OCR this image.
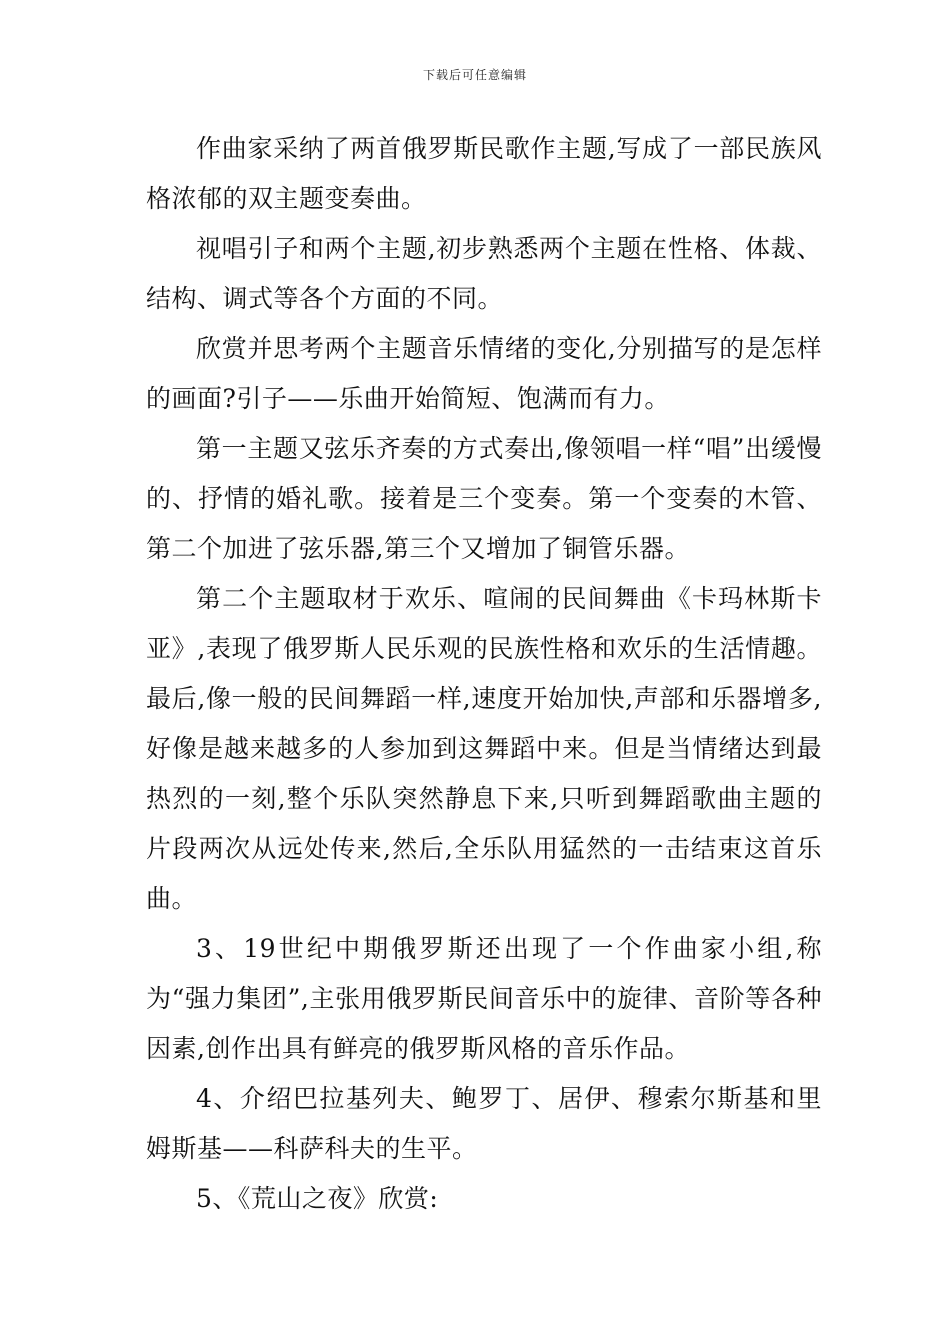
下载后可任意编辑

作曲家采纳了两首俄罗斯民歌作主题,写成了一部民族风格浓郁的双主题变奏曲。

视唱引子和两个主题,初步熟悉两个主题在性格、体裁、结构、调式等各个方面的不同。

欣赏并思考两个主题音乐情绪的变化,分别描写的是怎样的画面?引子——乐曲开始简短、饱满而有力。

第一主题又弦乐齐奏的方式奏出,像领唱一样“唱”出缓慢的、抒情的婚礼歌。接着是三个变奏。第一个变奏的木管、第二个加进了弦乐器,第三个又增加了铜管乐器。

第二个主题取材于欢乐、喧闹的民间舞曲《卡玛林斯卡亚》,表现了俄罗斯人民乐观的民族性格和欢乐的生活情趣。最后,像一般的民间舞蹈一样,速度开始加快,声部和乐器增多,好像是越来越多的人参加到这舞蹈中来。但是当情绪达到最热烈的一刻,整个乐队突然静息下来,只听到舞蹈歌曲主题的片段两次从远处传来,然后,全乐队用猛然的一击结束这首乐曲。

3、19世纪中期俄罗斯还出现了一个作曲家小组,称为“强力集团”,主张用俄罗斯民间音乐中的旋律、音阶等各种因素,创作出具有鲜亮的俄罗斯风格的音乐作品。

4、介绍巴拉基列夫、鲍罗丁、居伊、穆索尔斯基和里姆斯基——科萨科夫的生平。

5、《荒山之夜》欣赏:
